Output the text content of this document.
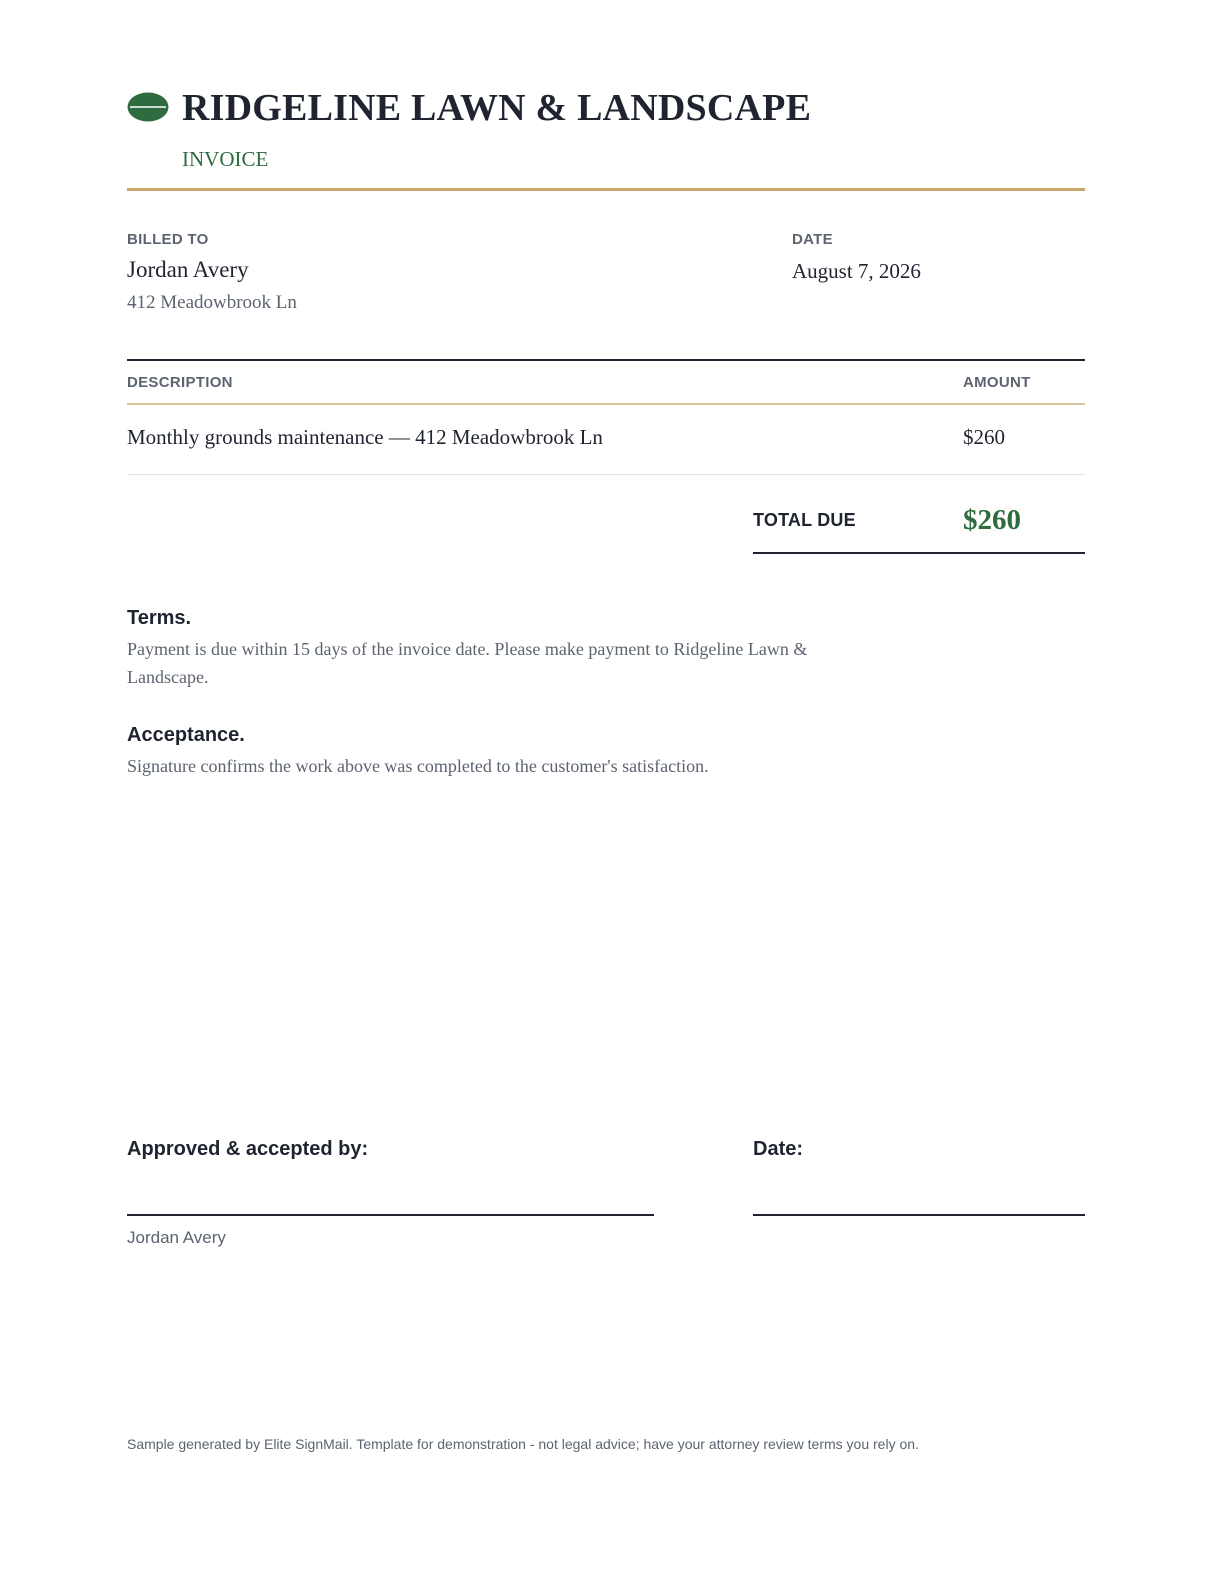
RIDGELINE LAWN & LANDSCAPE
INVOICE
BILLED TO
Jordan Avery
412 Meadowbrook Ln
DATE
August 7, 2026
DESCRIPTION	AMOUNT
Monthly grounds maintenance — 412 Meadowbrook Ln	$260
TOTAL DUE	$260
Terms.
Payment is due within 15 days of the invoice date. Please make payment to Ridgeline Lawn & Landscape.
Acceptance.
Signature confirms the work above was completed to the customer's satisfaction.
Approved & accepted by:	Date:
Jordan Avery
Sample generated by Elite SignMail. Template for demonstration - not legal advice; have your attorney review terms you rely on.
